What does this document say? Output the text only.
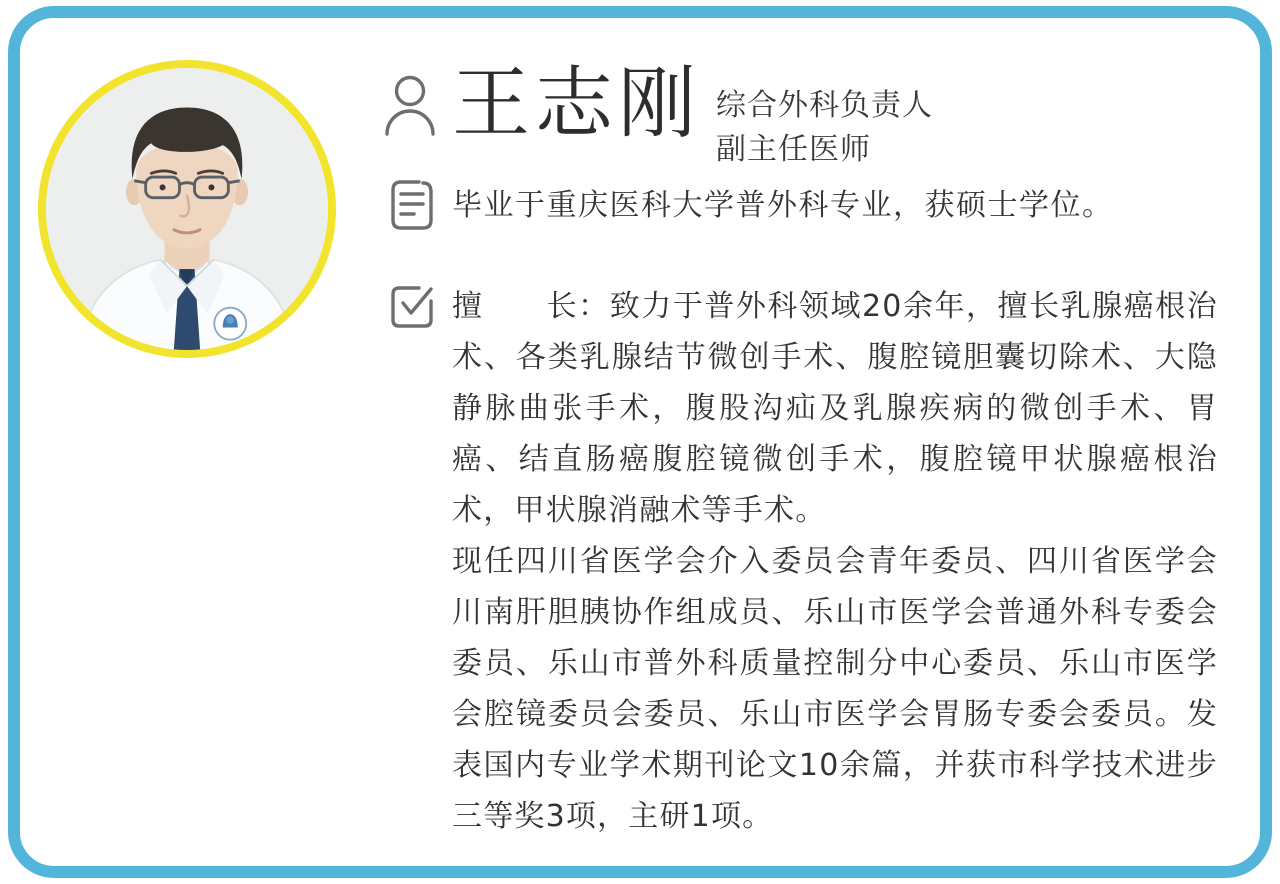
王志刚 综合外科负责人
副主任医师
毕业于重庆医科大学普外科专业，获硕士学位。

擅　　长：致力于普外科领域20余年，擅长乳腺癌根治术、各类乳腺结节微创手术、腹腔镜胆囊切除术、大隐静脉曲张手术，腹股沟疝及乳腺疾病的微创手术、胃癌、结直肠癌腹腔镜微创手术，腹腔镜甲状腺癌根治术，甲状腺消融术等手术。

现任四川省医学会介入委员会青年委员、四川省医学会川南肝胆胰协作组成员、乐山市医学会普通外科专委会委员、乐山市普外科质量控制分中心委员、乐山市医学会腔镜委员会委员、乐山市医学会胃肠专委会委员。发表国内专业学术期刊论文10余篇，并获市科学技术进步三等奖3项，主研1项。
